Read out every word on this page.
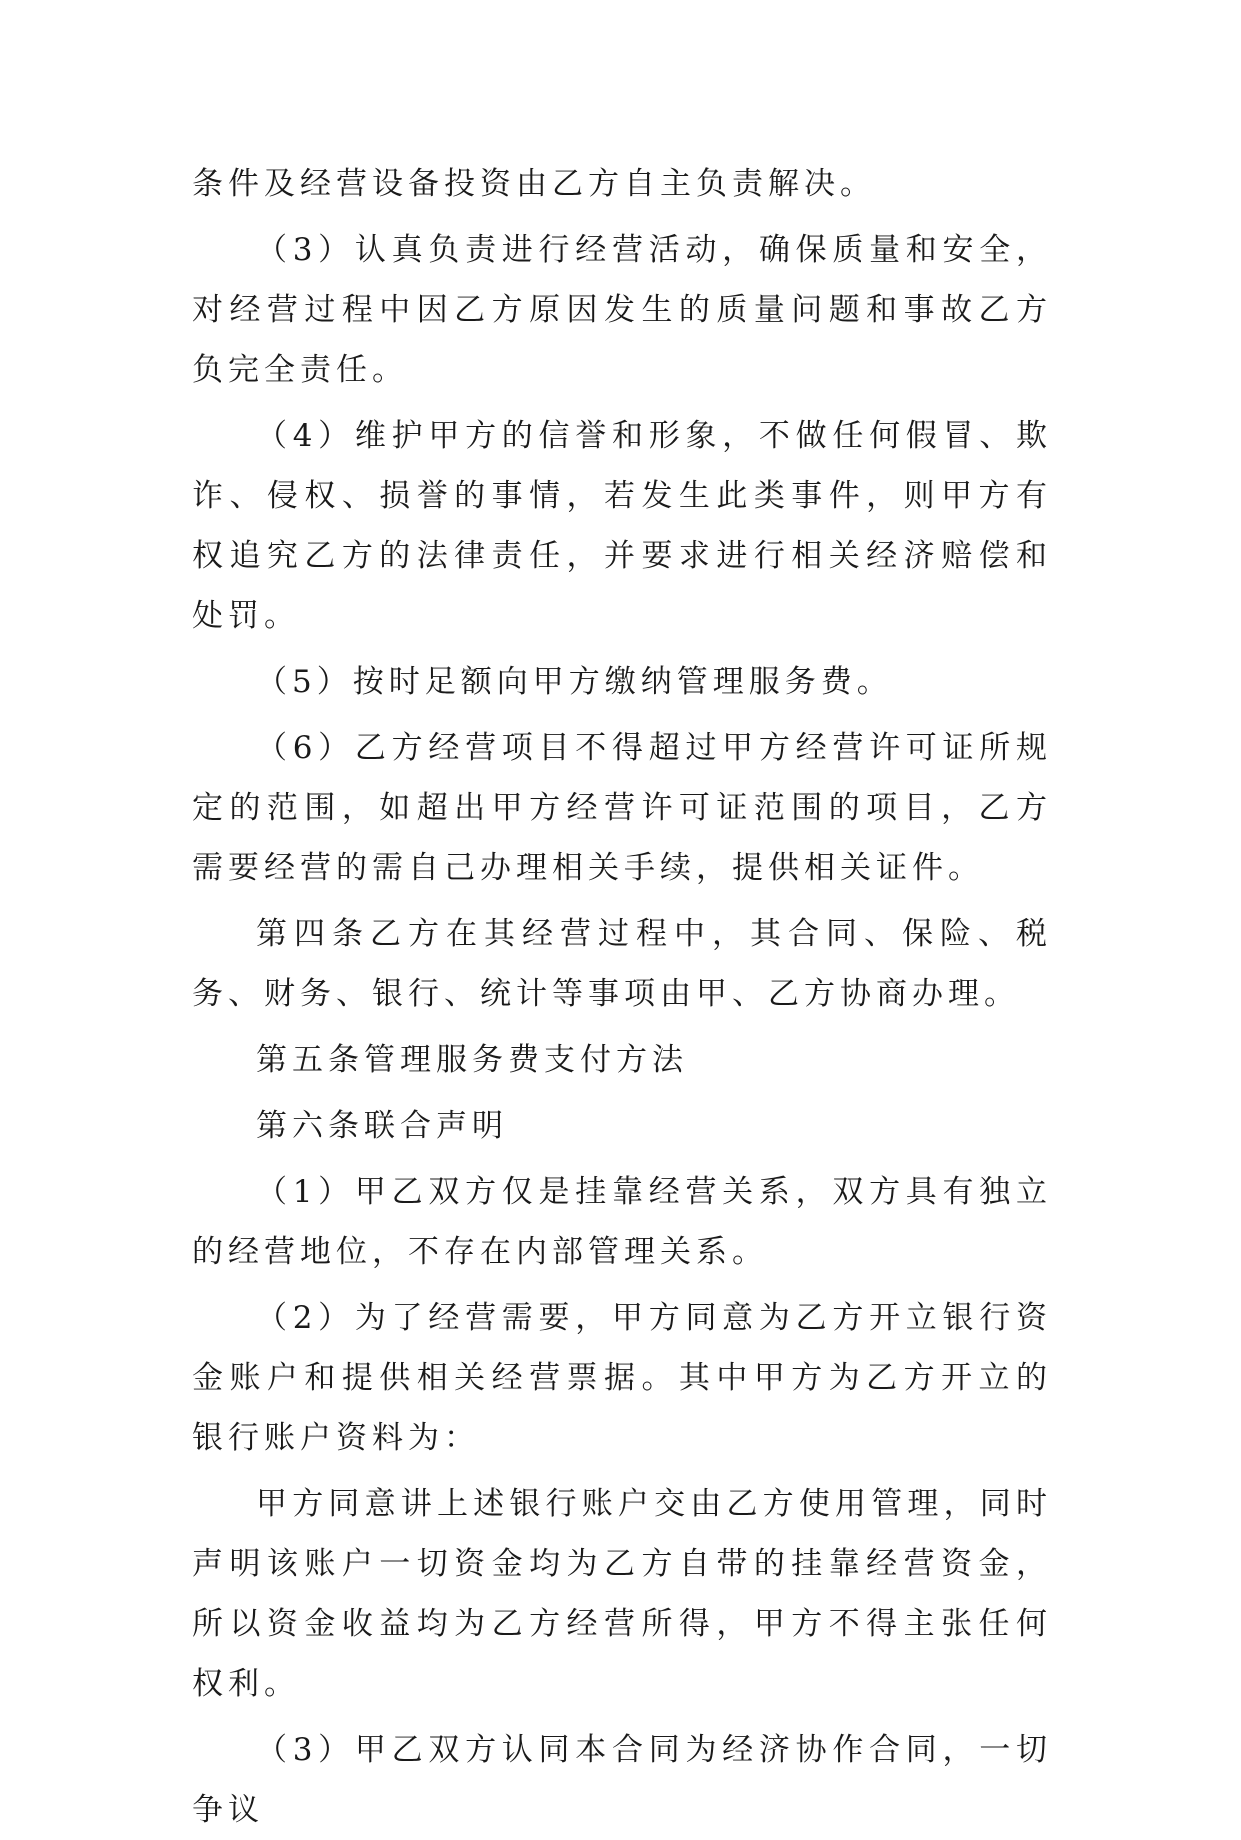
条件及经营设备投资由乙方自主负责解决。

（3）认真负责进行经营活动，确保质量和安全，对经营过程中因乙方原因发生的质量问题和事故乙方负完全责任。

（4）维护甲方的信誉和形象，不做任何假冒、欺诈、侵权、损誉的事情，若发生此类事件，则甲方有权追究乙方的法律责任，并要求进行相关经济赔偿和处罚。

（5）按时足额向甲方缴纳管理服务费。

（6）乙方经营项目不得超过甲方经营许可证所规定的范围，如超出甲方经营许可证范围的项目，乙方需要经营的需自己办理相关手续，提供相关证件。

第四条乙方在其经营过程中，其合同、保险、税务、财务、银行、统计等事项由甲、乙方协商办理。

第五条管理服务费支付方法

第六条联合声明

（1）甲乙双方仅是挂靠经营关系，双方具有独立的经营地位，不存在内部管理关系。

（2）为了经营需要，甲方同意为乙方开立银行资金账户和提供相关经营票据。其中甲方为乙方开立的银行账户资料为：

甲方同意讲上述银行账户交由乙方使用管理，同时声明该账户一切资金均为乙方自带的挂靠经营资金，所以资金收益均为乙方经营所得，甲方不得主张任何权利。

（3）甲乙双方认同本合同为经济协作合同，一切争议
